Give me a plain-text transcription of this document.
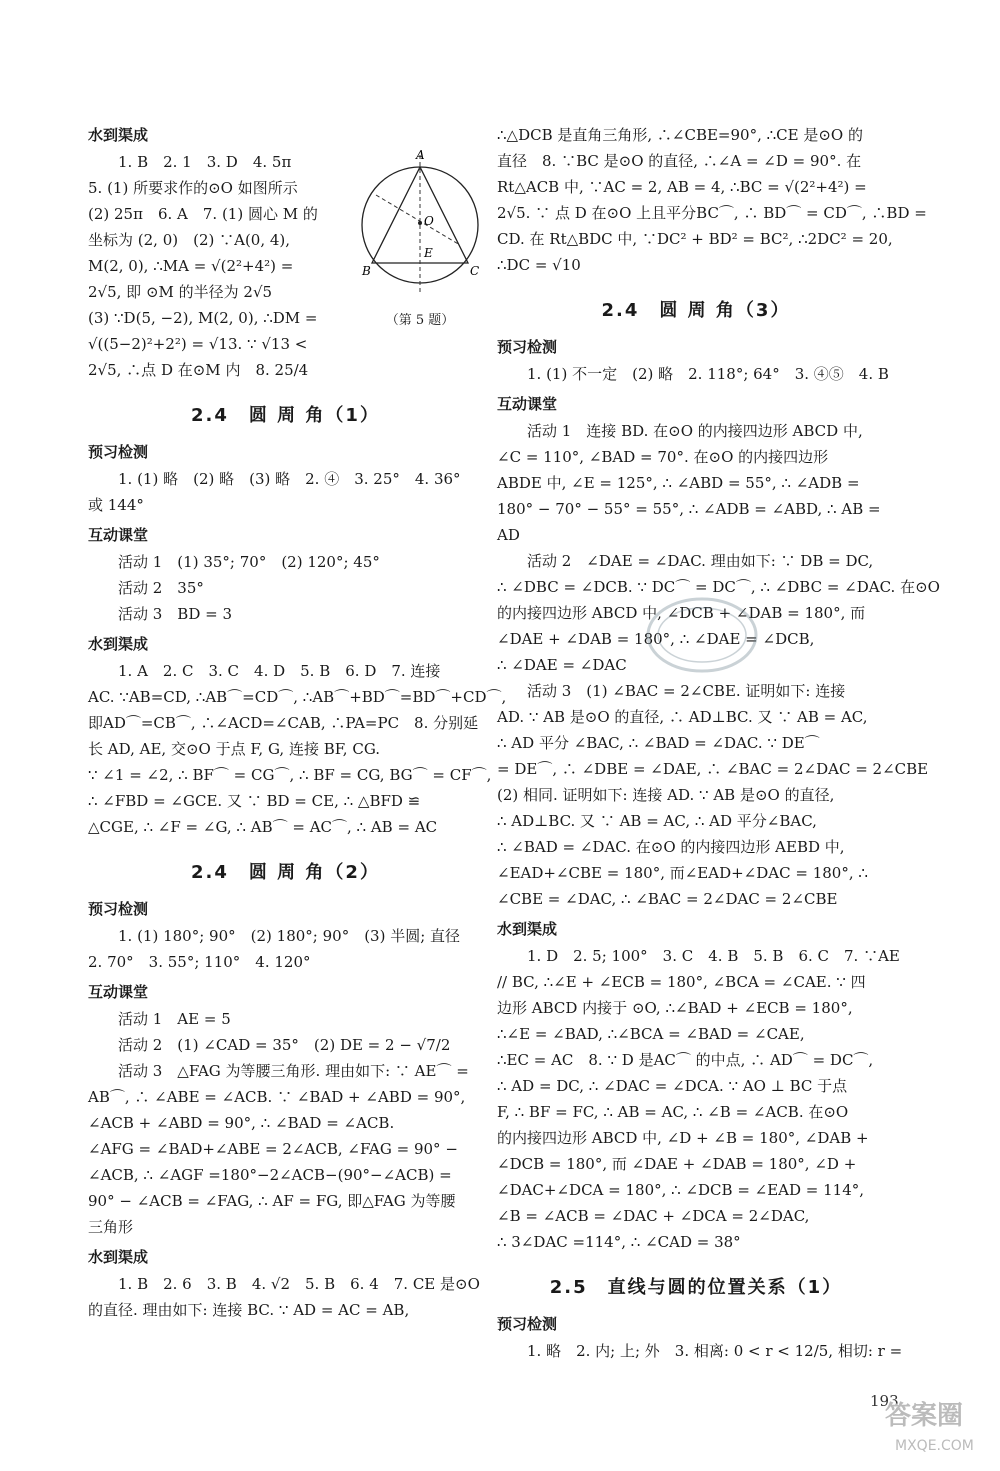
水到渠成
1. B　2. 1　3. D　4. 5π
5. (1) 所要求作的⊙O 如图所示
(2) 25π　6. A　7. (1) 圆心 M 的
坐标为 (2, 0)　(2) ∵A(0, 4),
M(2, 0), ∴MA = √(2²+4²) =
2√5, 即 ⊙M 的半径为 2√5
(3) ∵D(5, −2), M(2, 0), ∴DM =
√((5−2)²+2²) = √13. ∵ √13 <
2√5, ∴点 D 在⊙M 内　8. 25/4
2.4　圆 周 角（1）
预习检测
1. (1) 略　(2) 略　(3) 略　2. ④　3. 25°　4. 36°
或 144°
互动课堂
活动 1　(1) 35°; 70°　(2) 120°; 45°
活动 2　35°
活动 3　BD = 3
水到渠成
1. A　2. C　3. C　4. D　5. B　6. D　7. 连接
AC. ∵AB=CD, ∴AB⌒=CD⌒, ∴AB⌒+BD⌒=BD⌒+CD⌒,
即AD⌒=CB⌒, ∴∠ACD=∠CAB, ∴PA=PC　8. 分别延
长 AD, AE, 交⊙O 于点 F, G, 连接 BF, CG.
∵ ∠1 = ∠2, ∴ BF⌒ = CG⌒, ∴ BF = CG, BG⌒ = CF⌒,
∴ ∠FBD = ∠GCE. 又 ∵ BD = CE, ∴ △BFD ≌
△CGE, ∴ ∠F = ∠G, ∴ AB⌒ = AC⌒, ∴ AB = AC
2.4　圆 周 角（2）
预习检测
1. (1) 180°; 90°　(2) 180°; 90°　(3) 半圆; 直径
2. 70°　3. 55°; 110°　4. 120°
互动课堂
活动 1　AE = 5
活动 2　(1) ∠CAD = 35°　(2) DE = 2 − √7/2
活动 3　△FAG 为等腰三角形. 理由如下: ∵ AE⌒ =
AB⌒, ∴ ∠ABE = ∠ACB. ∵ ∠BAD + ∠ABD = 90°,
∠ACB + ∠ABD = 90°, ∴ ∠BAD = ∠ACB.
∠AFG = ∠BAD+∠ABE = 2∠ACB, ∠FAG = 90° −
∠ACB, ∴ ∠AGF =180°−2∠ACB−(90°−∠ACB) =
90° − ∠ACB = ∠FAG, ∴ AF = FG, 即△FAG 为等腰
三角形
水到渠成
1. B　2. 6　3. B　4. √2　5. B　6. 4　7. CE 是⊙O
的直径. 理由如下: 连接 BC. ∵ AD = AC = AB,
A
O
E
B	C
（第 5 题）
∴△DCB 是直角三角形, ∴∠CBE=90°, ∴CE 是⊙O 的
直径　8. ∵BC 是⊙O 的直径, ∴∠A = ∠D = 90°. 在
Rt△ACB 中, ∵AC = 2, AB = 4, ∴BC = √(2²+4²) =
2√5. ∵ 点 D 在⊙O 上且平分BC⌒, ∴ BD⌒ = CD⌒, ∴BD =
CD. 在 Rt△BDC 中, ∵DC² + BD² = BC², ∴2DC² = 20,
∴DC = √10
2.4　圆 周 角（3）
预习检测
1. (1) 不一定　(2) 略　2. 118°; 64°　3. ④⑤　4. B
互动课堂
活动 1　连接 BD. 在⊙O 的内接四边形 ABCD 中,
∠C = 110°, ∠BAD = 70°. 在⊙O 的内接四边形
ABDE 中, ∠E = 125°, ∴ ∠ABD = 55°, ∴ ∠ADB =
180° − 70° − 55° = 55°, ∴ ∠ADB = ∠ABD, ∴ AB =
AD
活动 2　∠DAE = ∠DAC. 理由如下: ∵ DB = DC,
∴ ∠DBC = ∠DCB. ∵ DC⌒ = DC⌒, ∴ ∠DBC = ∠DAC. 在⊙O
的内接四边形 ABCD 中, ∠DCB + ∠DAB = 180°, 而
∠DAE + ∠DAB = 180°, ∴ ∠DAE = ∠DCB,
∴ ∠DAE = ∠DAC
活动 3　(1) ∠BAC = 2∠CBE. 证明如下: 连接
AD. ∵ AB 是⊙O 的直径, ∴ AD⊥BC. 又 ∵ AB = AC,
∴ AD 平分 ∠BAC, ∴ ∠BAD = ∠DAC. ∵ DE⌒
= DE⌒, ∴ ∠DBE = ∠DAE, ∴ ∠BAC = 2∠DAC = 2∠CBE
(2) 相同. 证明如下: 连接 AD. ∵ AB 是⊙O 的直径,
∴ AD⊥BC. 又 ∵ AB = AC, ∴ AD 平分∠BAC,
∴ ∠BAD = ∠DAC. 在⊙O 的内接四边形 AEBD 中,
∠EAD+∠CBE = 180°, 而∠EAD+∠DAC = 180°, ∴
∠CBE = ∠DAC, ∴ ∠BAC = 2∠DAC = 2∠CBE
水到渠成
1. D　2. 5; 100°　3. C　4. B　5. B　6. C　7. ∵AE
// BC, ∴∠E + ∠ECB = 180°, ∠BCA = ∠CAE. ∵ 四
边形 ABCD 内接于 ⊙O, ∴∠BAD + ∠ECB = 180°,
∴∠E = ∠BAD, ∴∠BCA = ∠BAD = ∠CAE,
∴EC = AC　8. ∵ D 是AC⌒ 的中点, ∴ AD⌒ = DC⌒,
∴ AD = DC, ∴ ∠DAC = ∠DCA. ∵ AO ⊥ BC 于点
F, ∴ BF = FC, ∴ AB = AC, ∴ ∠B = ∠ACB. 在⊙O
的内接四边形 ABCD 中, ∠D + ∠B = 180°, ∠DAB +
∠DCB = 180°, 而 ∠DAE + ∠DAB = 180°, ∠D +
∠DAC+∠DCA = 180°, ∴ ∠DCB = ∠EAD = 114°,
∠B = ∠ACB = ∠DAC + ∠DCA = 2∠DAC,
∴ 3∠DAC =114°, ∴ ∠CAD = 38°
2.5　直线与圆的位置关系（1）
预习检测
1. 略　2. 内; 上; 外　3. 相离: 0 < r < 12/5, 相切: r =
193
答案圈
MXQE.COM
